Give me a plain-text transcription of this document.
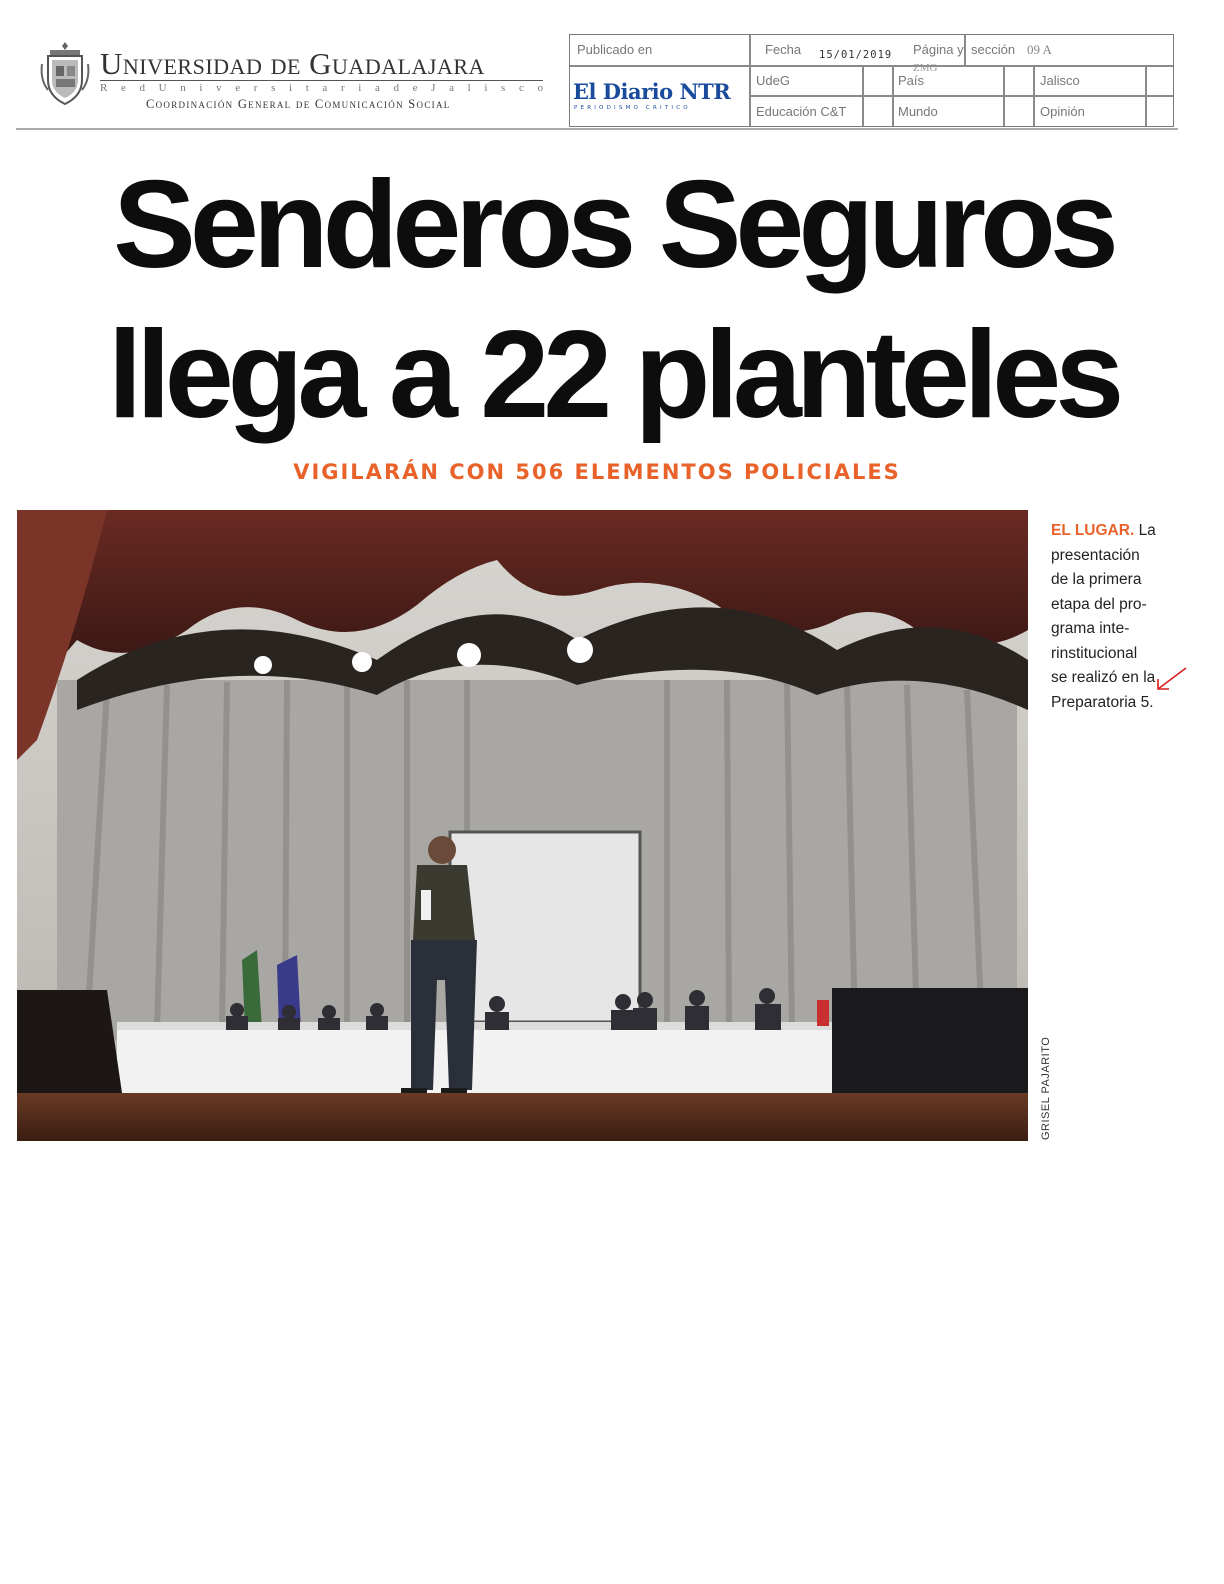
Universidad de Guadalajara
R e d U n i v e r s i t a r i a d e J a l i s c o
Coordinación General de Comunicación Social
Publicado en	Fecha 15/01/2019 Página y sección 09 A
ZMG
El Diario NTR
PERIODISMO CRÍTICO
UdeG	País	Jalisco
Educación C&T	Mundo	Opinión
Senderos Seguros
llega a 22 planteles
VIGILARÁN CON 506 ELEMENTOS POLICIALES
GRISEL PAJARITO
EL LUGAR. La
presentación
de la primera
etapa del pro-
grama inte-
rinstitucional
se realizó en la
Preparatoria 5.
